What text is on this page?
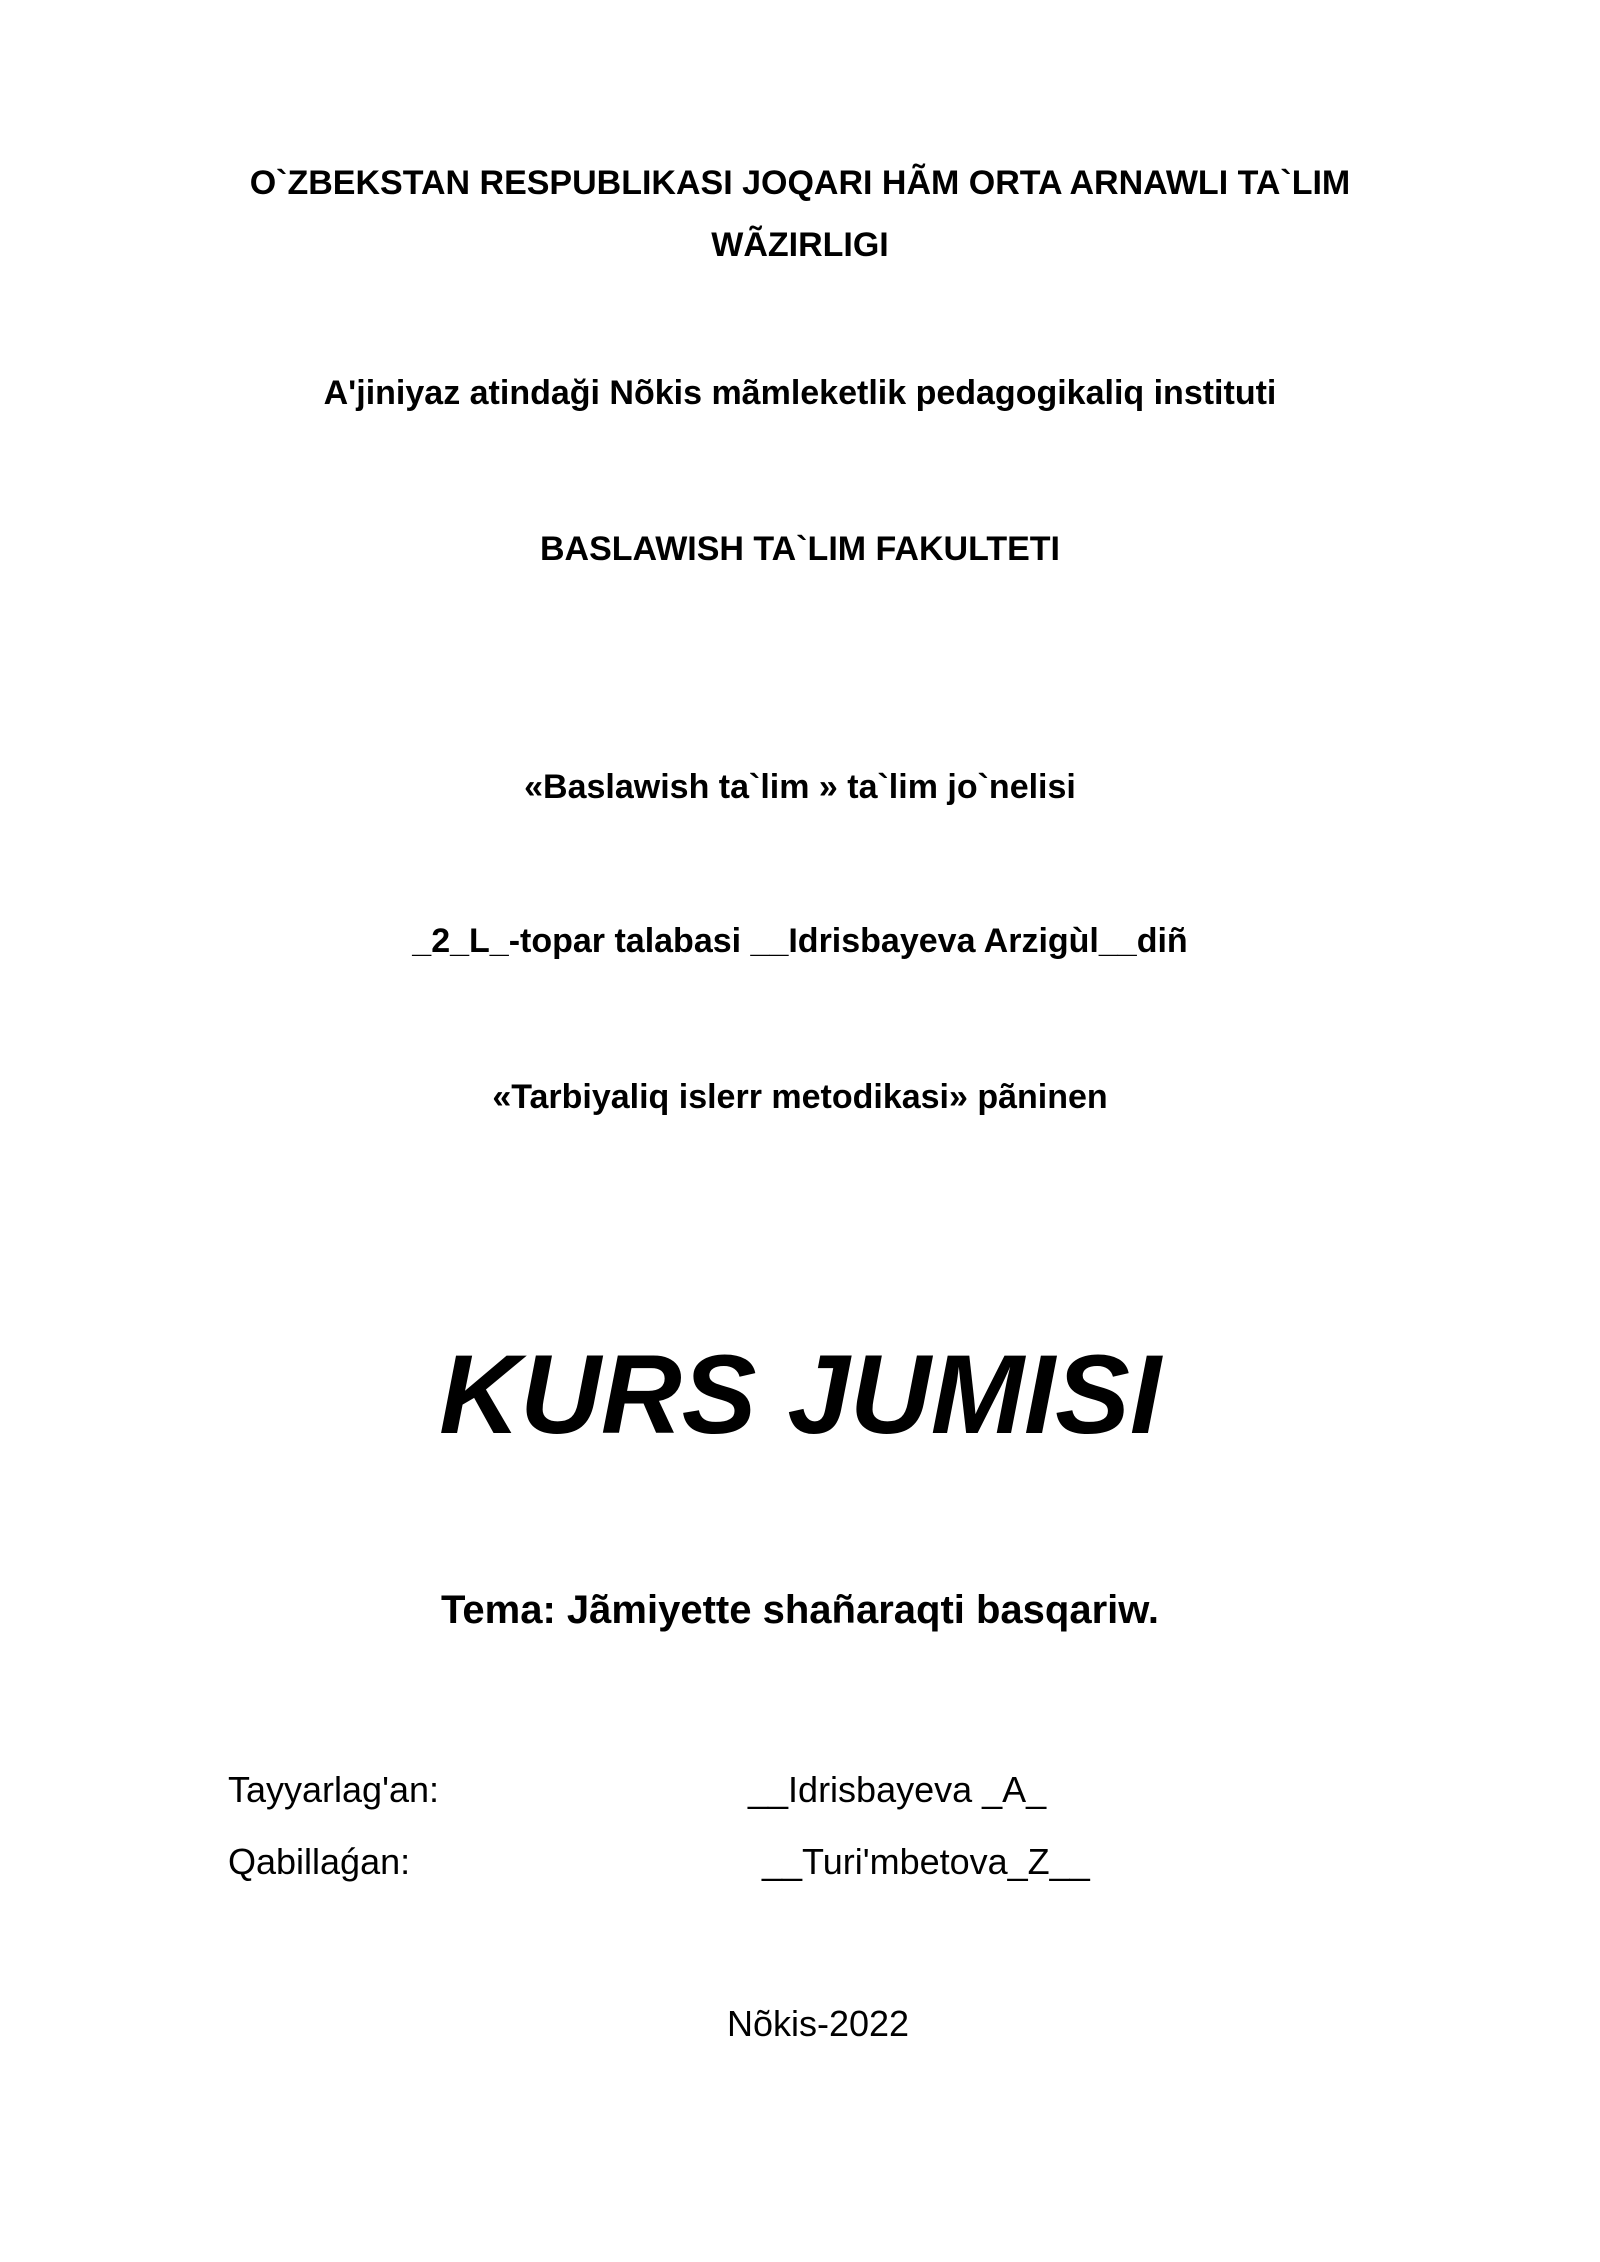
O`ZBEKSTAN RESPUBLIKASI JOQARI HÃM ORTA ARNAWLI TA`LIM
WÃZIRLIGI
A'jiniyaz atindaği Nõkis mãmleketlik pedagogikaliq instituti
BASLAWISH TA`LIM FAKULTETI
«Baslawish ta`lim » ta`lim jo`nelisi
_2_L_-topar talabasi __Idrisbayeva Arzigùl__diñ
«Tarbiyaliq islerr metodikasi» pãninen
KURS JUMISI
Tema: Jãmiyette shañaraqti basqariw.
Tayyarlag'an:	__Idrisbayeva _A_
Qabillaǵan:	__Turi'mbetova_Z__
Nõkis-2022
